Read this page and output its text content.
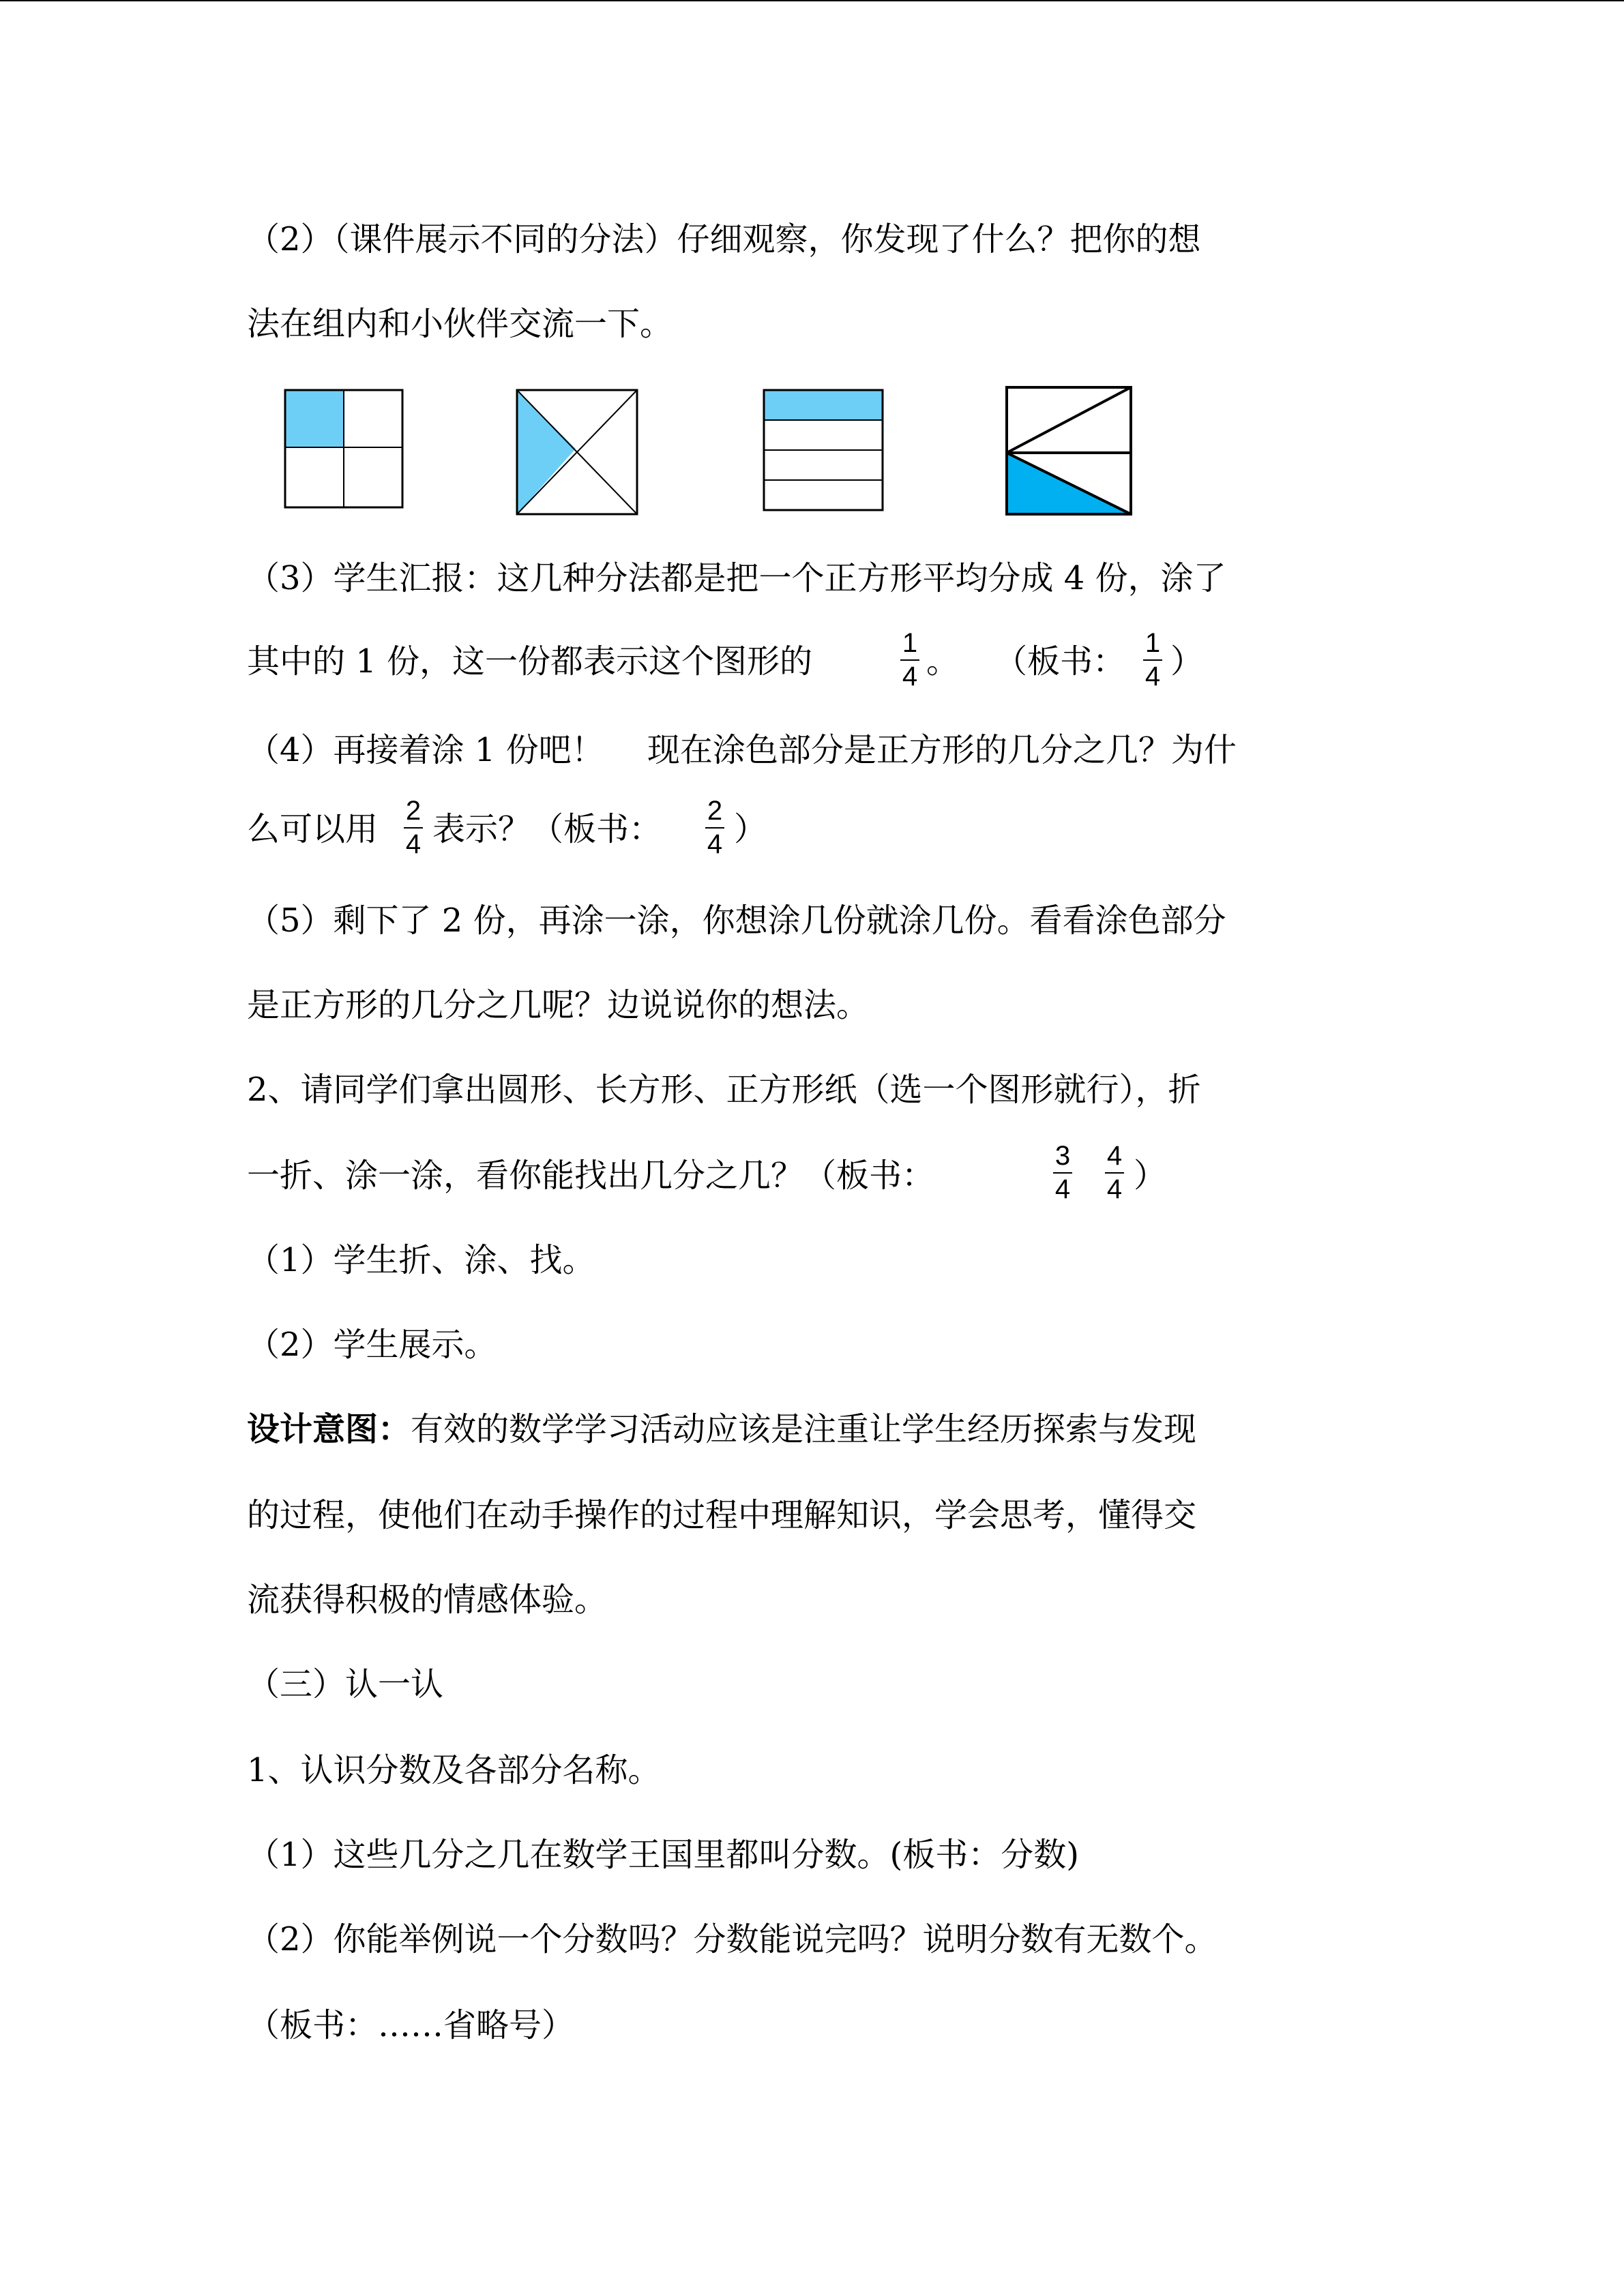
（2）（课件展示不同的分法）仔细观察，你发现了什么？把你的想
法在组内和小伙伴交流一下。
（3）学生汇报：这几种分法都是把一个正方形平均分成 4 份，涂了
其中的 1 份，这一份都表示这个图形的	1
4 。 （板书： 1
4 ）
（4）再接着涂 1 份吧！　 现在涂色部分是正方形的几分之几？为什
么可以用 2
4 表示？（板书： 2
4 ）
（5）剩下了 2 份，再涂一涂，你想涂几份就涂几份。看看涂色部分
是正方形的几分之几呢？边说说你的想法。
2、请同学们拿出圆形、长方形、正方形纸（选一个图形就行），折
一折、涂一涂，看你能找出几分之几？（板书：
3
4
4
4 ）
（1）学生折、涂、找。
（2）学生展示。
设计意图：有效的数学学习活动应该是注重让学生经历探索与发现
的过程，使他们在动手操作的过程中理解知识，学会思考，懂得交
流获得积极的情感体验。
（三）认一认
1、认识分数及各部分名称。
（1）这些几分之几在数学王国里都叫分数。(板书：分数)
（2）你能举例说一个分数吗？分数能说完吗？说明分数有无数个。
（板书：……省略号）
